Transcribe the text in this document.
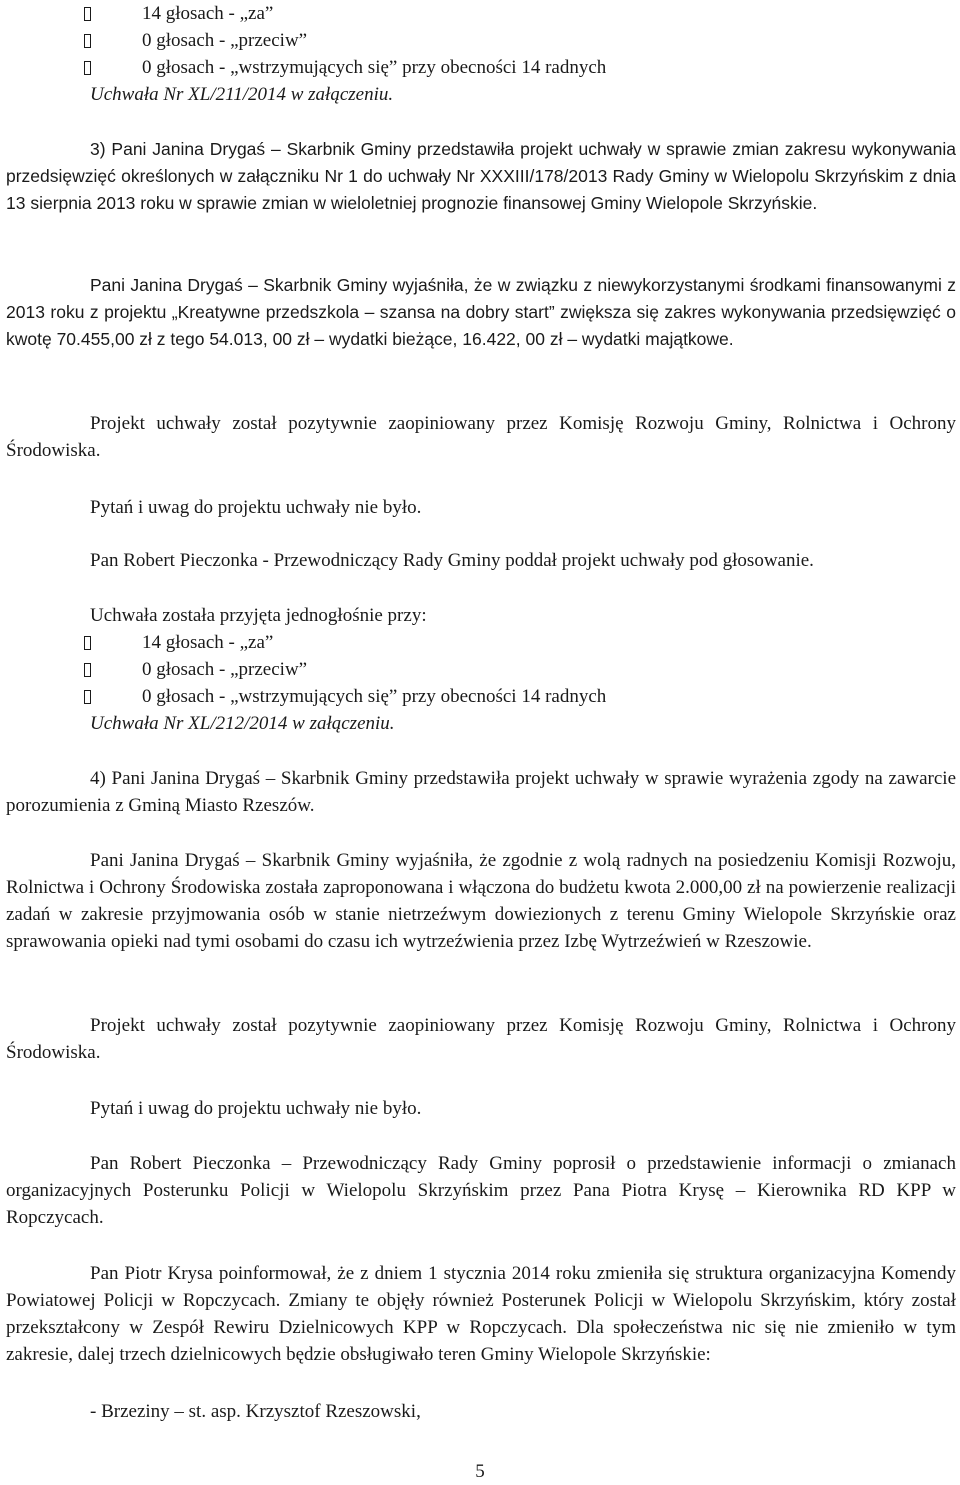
14 głosach - „za”
0 głosach - „przeciw”
0 głosach - „wstrzymujących się” przy obecności 14 radnych

Uchwała Nr XL/211/2014 w załączeniu.

3) Pani Janina Drygaś – Skarbnik Gminy przedstawiła projekt uchwały w sprawie zmian zakresu wykonywania przedsięwzięć określonych w załączniku Nr 1 do uchwały Nr XXXIII/178/2013 Rady Gminy w Wielopolu Skrzyńskim z dnia 13 sierpnia 2013 roku w sprawie zmian w wieloletniej prognozie finansowej Gminy Wielopole Skrzyńskie.

Pani Janina Drygaś – Skarbnik Gminy wyjaśniła, że w związku z niewykorzystanymi środkami finansowanymi z 2013 roku z projektu „Kreatywne przedszkola – szansa na dobry start” zwiększa się zakres wykonywania przedsięwzięć o kwotę 70.455,00 zł z tego 54.013, 00 zł – wydatki bieżące, 16.422, 00 zł – wydatki majątkowe.

Projekt uchwały został pozytywnie zaopiniowany przez Komisję Rozwoju Gminy, Rolnictwa i Ochrony Środowiska.

Pytań i uwag do projektu uchwały nie było.

Pan Robert Pieczonka - Przewodniczący Rady Gminy poddał projekt uchwały pod głosowanie.

Uchwała została przyjęta jednogłośnie przy:

14 głosach - „za”
0 głosach - „przeciw”
0 głosach - „wstrzymujących się” przy obecności 14 radnych

Uchwała Nr XL/212/2014 w załączeniu.

4) Pani Janina Drygaś – Skarbnik Gminy przedstawiła projekt uchwały w sprawie wyrażenia zgody na zawarcie porozumienia z Gminą Miasto Rzeszów.

Pani Janina Drygaś – Skarbnik Gminy wyjaśniła, że zgodnie z wolą radnych na posiedzeniu Komisji Rozwoju, Rolnictwa i Ochrony Środowiska została zaproponowana i włączona do budżetu kwota 2.000,00 zł na powierzenie realizacji zadań w zakresie przyjmowania osób w stanie nietrzeźwym dowiezionych z terenu Gminy Wielopole Skrzyńskie oraz sprawowania opieki nad tymi osobami do czasu ich wytrzeźwienia przez Izbę Wytrzeźwień w Rzeszowie.

Projekt uchwały został pozytywnie zaopiniowany przez Komisję Rozwoju Gminy, Rolnictwa i Ochrony Środowiska.

Pytań i uwag do projektu uchwały nie było.

Pan Robert Pieczonka – Przewodniczący Rady Gminy poprosił o przedstawienie informacji o zmianach organizacyjnych Posterunku Policji w Wielopolu Skrzyńskim przez Pana Piotra Krysę – Kierownika RD KPP w Ropczycach.

Pan Piotr Krysa poinformował, że z dniem 1 stycznia 2014 roku zmieniła się struktura organizacyjna Komendy Powiatowej Policji w Ropczycach. Zmiany te objęły również Posterunek Policji w Wielopolu Skrzyńskim, który został przekształcony w Zespół Rewiru Dzielnicowych KPP w Ropczycach. Dla społeczeństwa nic się nie zmieniło w tym zakresie, dalej trzech dzielnicowych będzie obsługiwało teren Gminy Wielopole Skrzyńskie:

- Brzeziny – st. asp. Krzysztof Rzeszowski,

5
